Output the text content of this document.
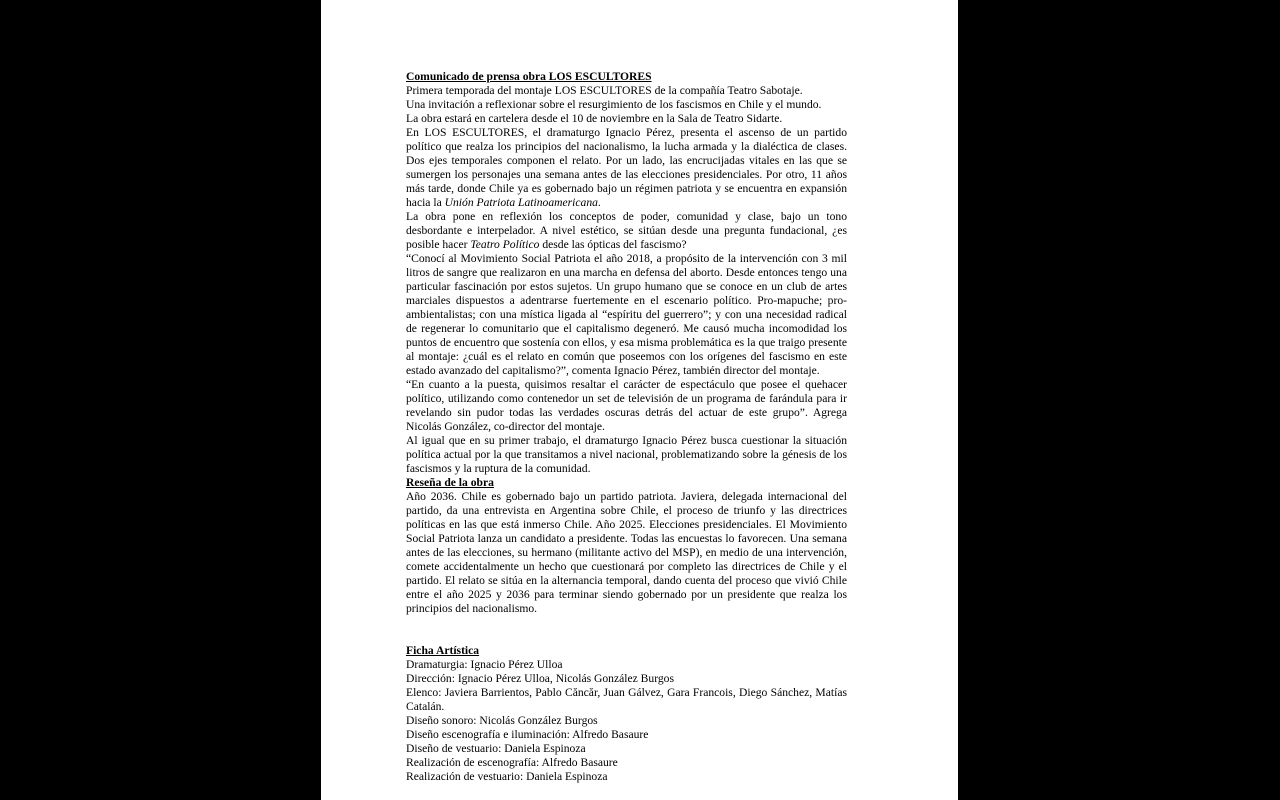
Comunicado de prensa obra LOS ESCULTORES

Primera temporada del montaje LOS ESCULTORES de la compañía Teatro Sabotaje.

Una invitación a reflexionar sobre el resurgimiento de los fascismos en Chile y el mundo.

La obra estará en cartelera desde el 10 de noviembre en la Sala de Teatro Sidarte.

En LOS ESCULTORES, el dramaturgo Ignacio Pérez, presenta el ascenso de un partido político que realza los principios del nacionalismo, la lucha armada y la dialéctica de clases. Dos ejes temporales componen el relato. Por un lado, las encrucijadas vitales en las que se sumergen los personajes una semana antes de las elecciones presidenciales. Por otro, 11 años más tarde, donde Chile ya es gobernado bajo un régimen patriota y se encuentra en expansión hacia la Unión Patriota Latinoamericana.

La obra pone en reflexión los conceptos de poder, comunidad y clase, bajo un tono desbordante e interpelador. A nivel estético, se sitúan desde una pregunta fundacional, ¿es posible hacer Teatro Político desde las ópticas del fascismo?

“Conocí al Movimiento Social Patriota el año 2018, a propósito de la intervención con 3 mil litros de sangre que realizaron en una marcha en defensa del aborto. Desde entonces tengo una particular fascinación por estos sujetos. Un grupo humano que se conoce en un club de artes marciales dispuestos a adentrarse fuertemente en el escenario político. Pro-mapuche; pro-ambientalistas; con una mística ligada al “espíritu del guerrero”; y con una necesidad radical de regenerar lo comunitario que el capitalismo degeneró. Me causó mucha incomodidad los puntos de encuentro que sostenía con ellos, y esa misma problemática es la que traigo presente al montaje: ¿cuál es el relato en común que poseemos con los orígenes del fascismo en este estado avanzado del capitalismo?”, comenta Ignacio Pérez, también director del montaje.

“En cuanto a la puesta, quisimos resaltar el carácter de espectáculo que posee el quehacer político, utilizando como contenedor un set de televisión de un programa de farándula para ir revelando sin pudor todas las verdades oscuras detrás del actuar de este grupo”. Agrega Nicolás González, co-director del montaje.

Al igual que en su primer trabajo, el dramaturgo Ignacio Pérez busca cuestionar la situación política actual por la que transitamos a nivel nacional, problematizando sobre la génesis de los fascismos y la ruptura de la comunidad.

Reseña de la obra

Año 2036. Chile es gobernado bajo un partido patriota. Javiera, delegada internacional del partido, da una entrevista en Argentina sobre Chile, el proceso de triunfo y las directrices políticas en las que está inmerso Chile. Año 2025. Elecciones presidenciales. El Movimiento Social Patriota lanza un candidato a presidente. Todas las encuestas lo favorecen. Una semana antes de las elecciones, su hermano (militante activo del MSP), en medio de una intervención, comete accidentalmente un hecho que cuestionará por completo las directrices de Chile y el partido. El relato se sitúa en la alternancia temporal, dando cuenta del proceso que vivió Chile entre el año 2025 y 2036 para terminar siendo gobernado por un presidente que realza los principios del nacionalismo.

Ficha Artística

Dramaturgia: Ignacio Pérez Ulloa

Dirección: Ignacio Pérez Ulloa, Nicolás González Burgos

Elenco: Javiera Barrientos, Pablo Căncăr, Juan Gálvez, Gara Francois, Diego Sánchez, Matías Catalán.

Diseño sonoro: Nicolás González Burgos

Diseño escenografía e iluminación: Alfredo Basaure

Diseño de vestuario: Daniela Espinoza

Realización de escenografía: Alfredo Basaure

Realización de vestuario: Daniela Espinoza
